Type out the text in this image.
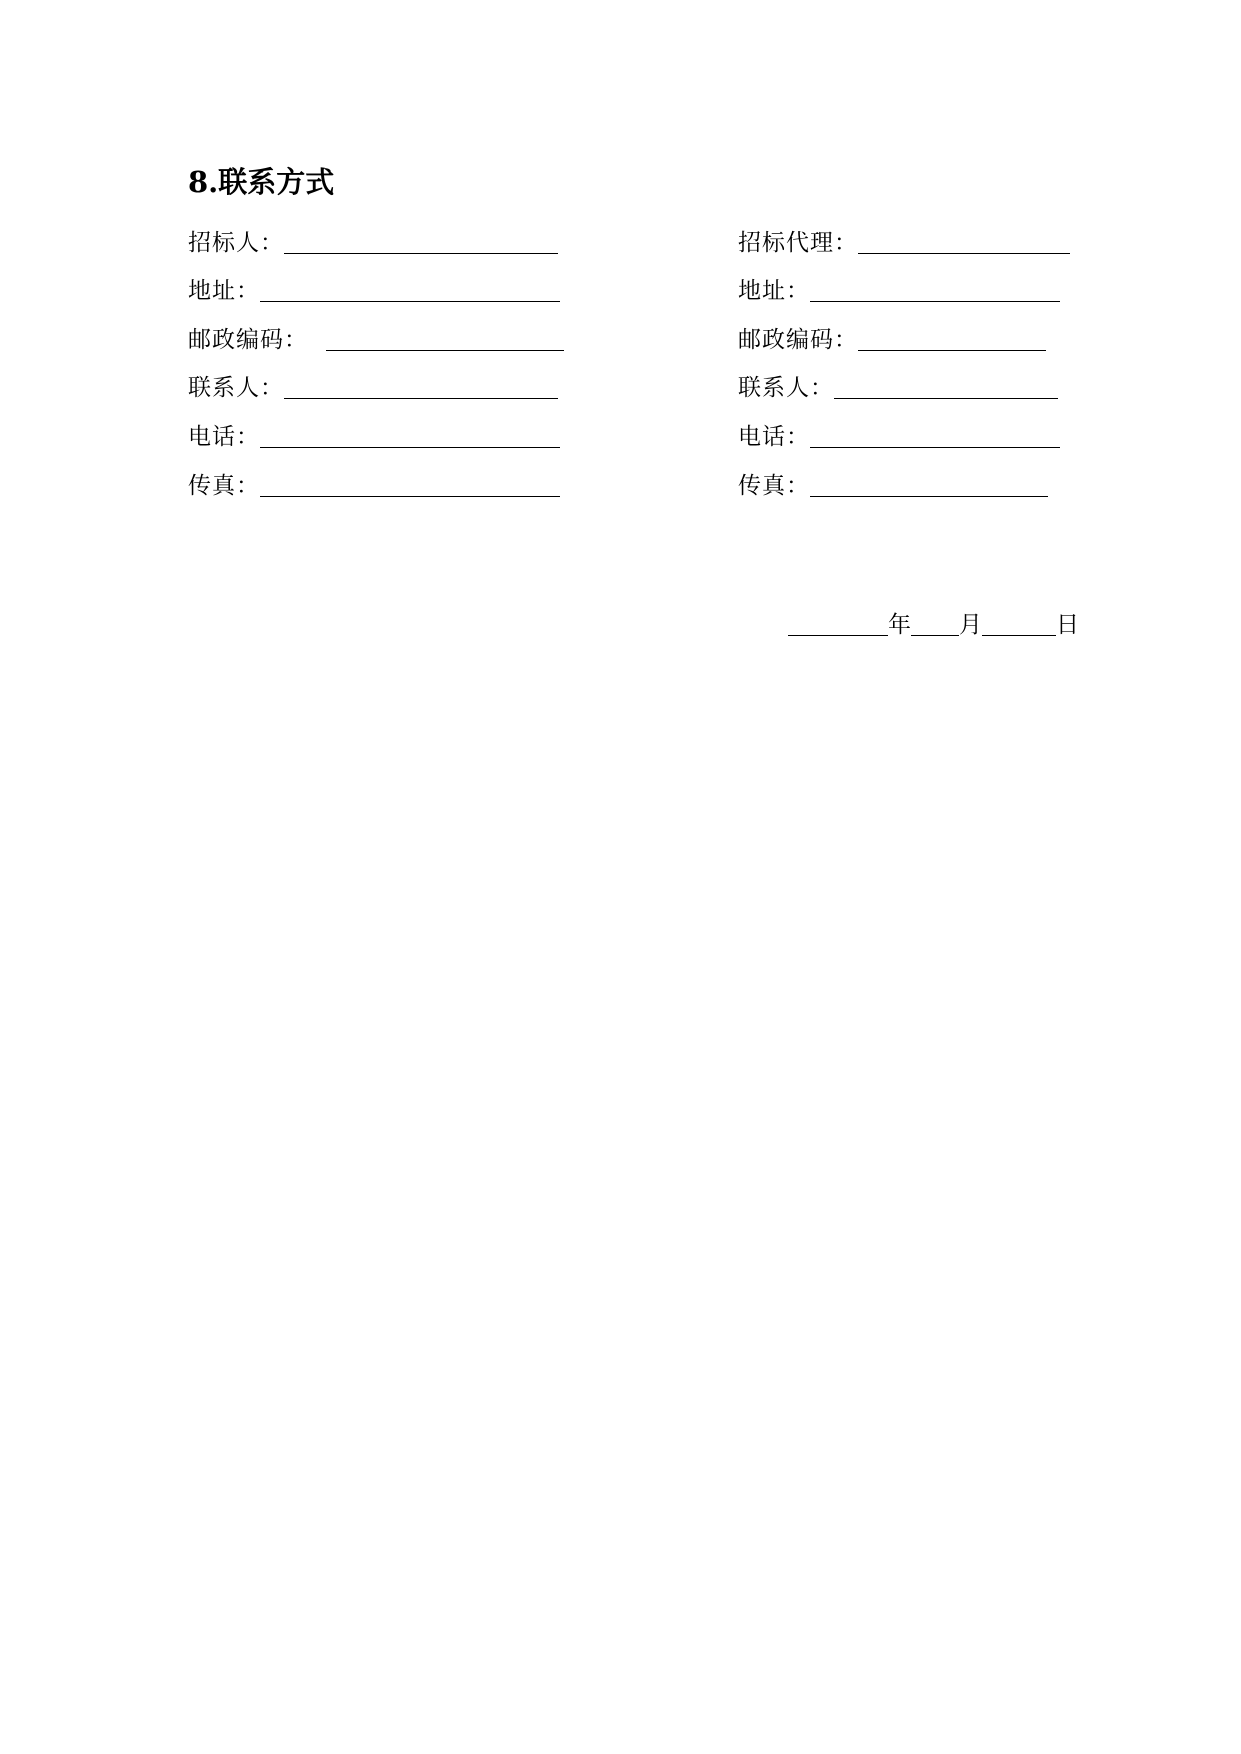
8.联系方式
招标人：
地址：
邮政编码：
联系人：
电话：
传真：
招标代理：
地址：
邮政编码：
联系人：
电话：
传真：
年 月	日
